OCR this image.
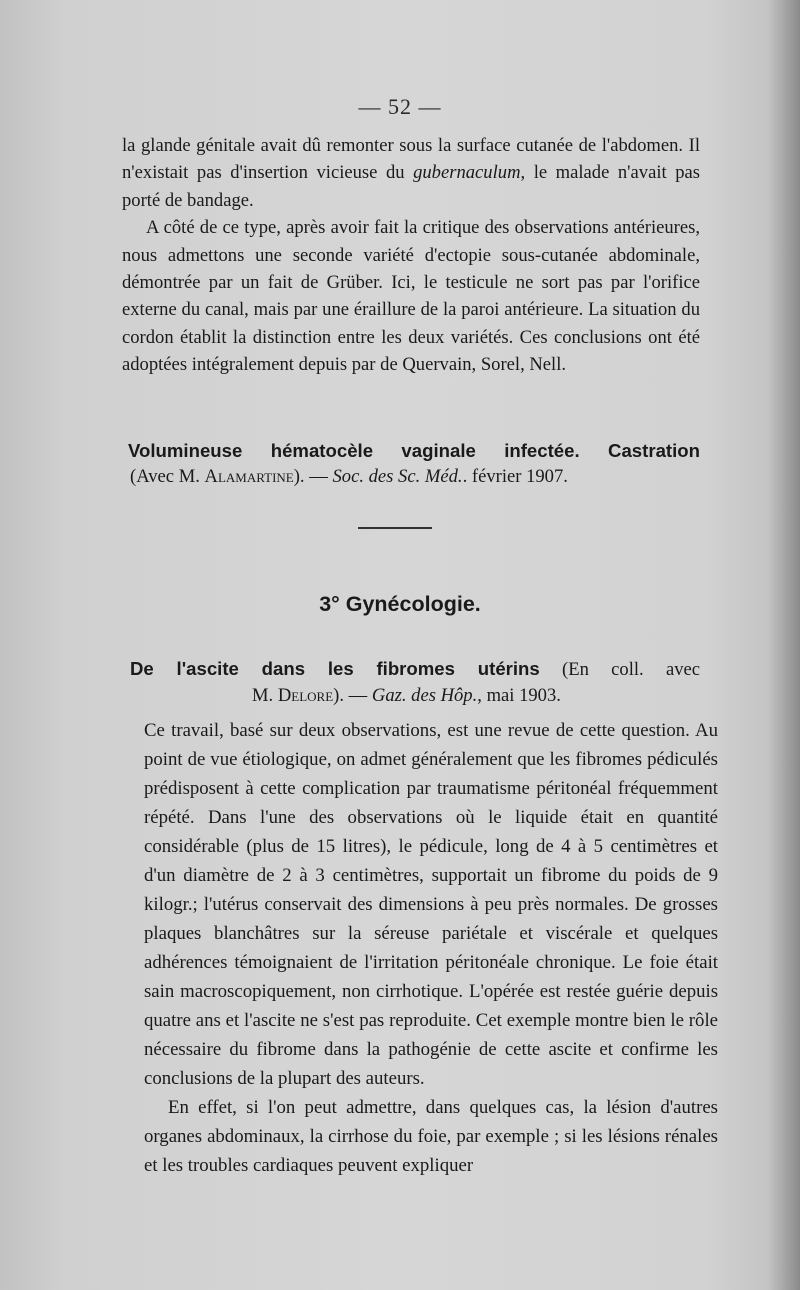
— 52 —

la glande génitale avait dû remonter sous la surface cutanée de l'abdomen. Il n'existait pas d'insertion vicieuse du gubernaculum, le malade n'avait pas porté de bandage.

A côté de ce type, après avoir fait la critique des observations antérieures, nous admettons une seconde variété d'ectopie sous-cutanée abdominale, démontrée par un fait de Grüber. Ici, le testicule ne sort pas par l'orifice externe du canal, mais par une éraillure de la paroi antérieure. La situation du cordon établit la distinction entre les deux variétés. Ces conclusions ont été adoptées intégralement depuis par de Quervain, Sorel, Nell.

Volumineuse hématocèle vaginale infectée. Castration
(Avec M. Alamartine). — Soc. des Sc. Méd.. février 1907.
3° Gynécologie.
De l'ascite dans les fibromes utérins (En coll. avec
M. Delore). — Gaz. des Hôp., mai 1903.

Ce travail, basé sur deux observations, est une revue de cette question. Au point de vue étiologique, on admet généralement que les fibromes pédiculés prédisposent à cette complication par traumatisme péritonéal fréquemment répété. Dans l'une des observations où le liquide était en quantité considérable (plus de 15 litres), le pédicule, long de 4 à 5 centimètres et d'un diamètre de 2 à 3 centimètres, supportait un fibrome du poids de 9 kilogr.; l'utérus conservait des dimensions à peu près normales. De grosses plaques blanchâtres sur la séreuse pariétale et viscérale et quelques adhérences témoignaient de l'irritation péritonéale chronique. Le foie était sain macroscopiquement, non cirrhotique. L'opérée est restée guérie depuis quatre ans et l'ascite ne s'est pas reproduite. Cet exemple montre bien le rôle nécessaire du fibrome dans la pathogénie de cette ascite et confirme les conclusions de la plupart des auteurs.

En effet, si l'on peut admettre, dans quelques cas, la lésion d'autres organes abdominaux, la cirrhose du foie, par exemple ; si les lésions rénales et les troubles cardiaques peuvent expliquer
